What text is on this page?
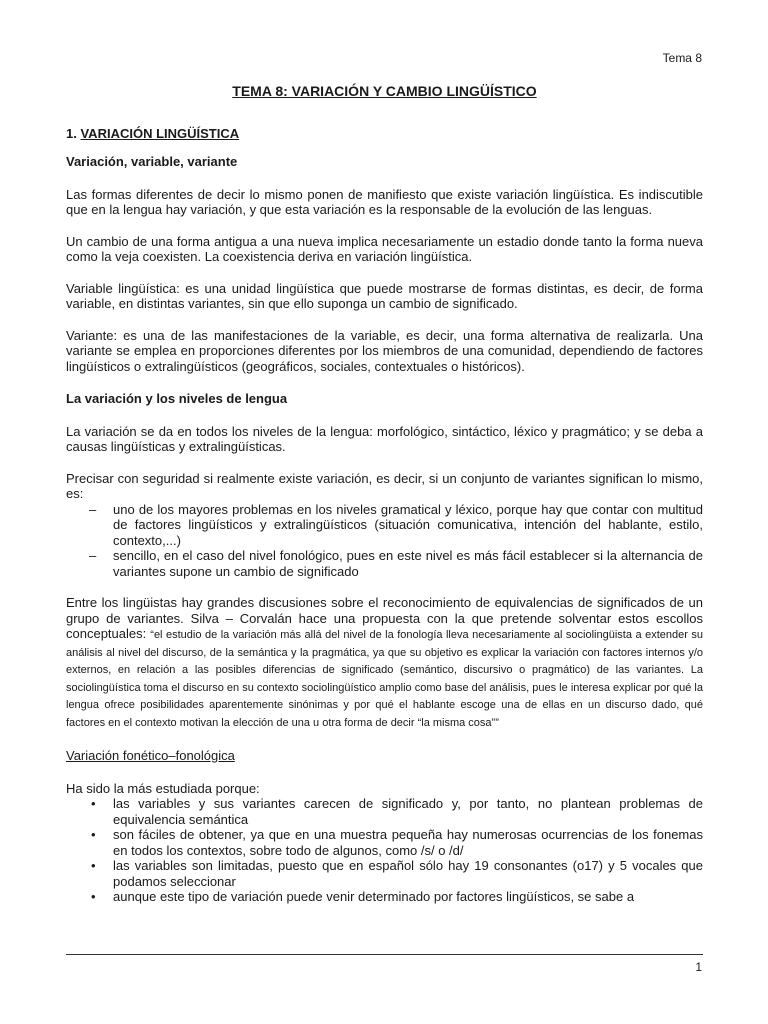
Tema 8
TEMA 8: VARIACIÓN Y CAMBIO LINGÜÍSTICO
1. VARIACIÓN LINGÜÍSTICA
Variación, variable, variante

Las formas diferentes de decir lo mismo ponen de manifiesto que existe variación lingüística. Es indiscutible que en la lengua hay variación, y que esta variación es la responsable de la evolución de las lenguas.

Un cambio de una forma antigua a una nueva implica necesariamente un estadio donde tanto la forma nueva como la veja coexisten. La coexistencia deriva en variación lingüística.

Variable lingüística: es una unidad lingüística que puede mostrarse de formas distintas, es decir, de forma variable, en distintas variantes, sin que ello suponga un cambio de significado.

Variante: es una de las manifestaciones de la variable, es decir, una forma alternativa de realizarla. Una variante se emplea en proporciones diferentes por los miembros de una comunidad, dependiendo de factores lingüísticos o extralingüísticos (geográficos, sociales, contextuales o históricos).

La variación y los niveles de lengua

La variación se da en todos los niveles de la lengua: morfológico, sintáctico, léxico y pragmático; y se deba a causas lingüísticas y extralingüísticas.

Precisar con seguridad si realmente existe variación, es decir, si un conjunto de variantes significan lo mismo, es:

– uno de los mayores problemas en los niveles gramatical y léxico, porque hay que contar con multitud de factores lingüísticos y extralingüísticos (situación comunicativa, intención del hablante, estilo, contexto,...)
– sencillo, en el caso del nivel fonológico, pues en este nivel es más fácil establecer si la alternancia de variantes supone un cambio de significado

Entre los lingüistas hay grandes discusiones sobre el reconocimiento de equivalencias de significados de un grupo de variantes. Silva – Corvalán hace una propuesta con la que pretende solventar estos escollos conceptuales: “el estudio de la variación más allá del nivel de la fonología lleva necesariamente al sociolingüista a extender su análisis al nivel del discurso, de la semántica y la pragmática, ya que su objetivo es explicar la variación con factores internos y/o externos, en relación a las posibles diferencias de significado (semántico, discursivo o pragmático) de las variantes. La sociolingüística toma el discurso en su contexto sociolingüístico amplio como base del análisis, pues le interesa explicar por qué la lengua ofrece posibilidades aparentemente sinónimas y por qué el hablante escoge una de ellas en un discurso dado, qué factores en el contexto motivan la elección de una u otra forma de decir “la misma cosa””

Variación fonético–fonológica

Ha sido la más estudiada porque:

• las variables y sus variantes carecen de significado y, por tanto, no plantean problemas de equivalencia semántica
• son fáciles de obtener, ya que en una muestra pequeña hay numerosas ocurrencias de los fonemas en todos los contextos, sobre todo de algunos, como /s/ o /d/
• las variables son limitadas, puesto que en español sólo hay 19 consonantes (o17) y 5 vocales que podamos seleccionar
• aunque este tipo de variación puede venir determinado por factores lingüísticos, se sabe a
1
